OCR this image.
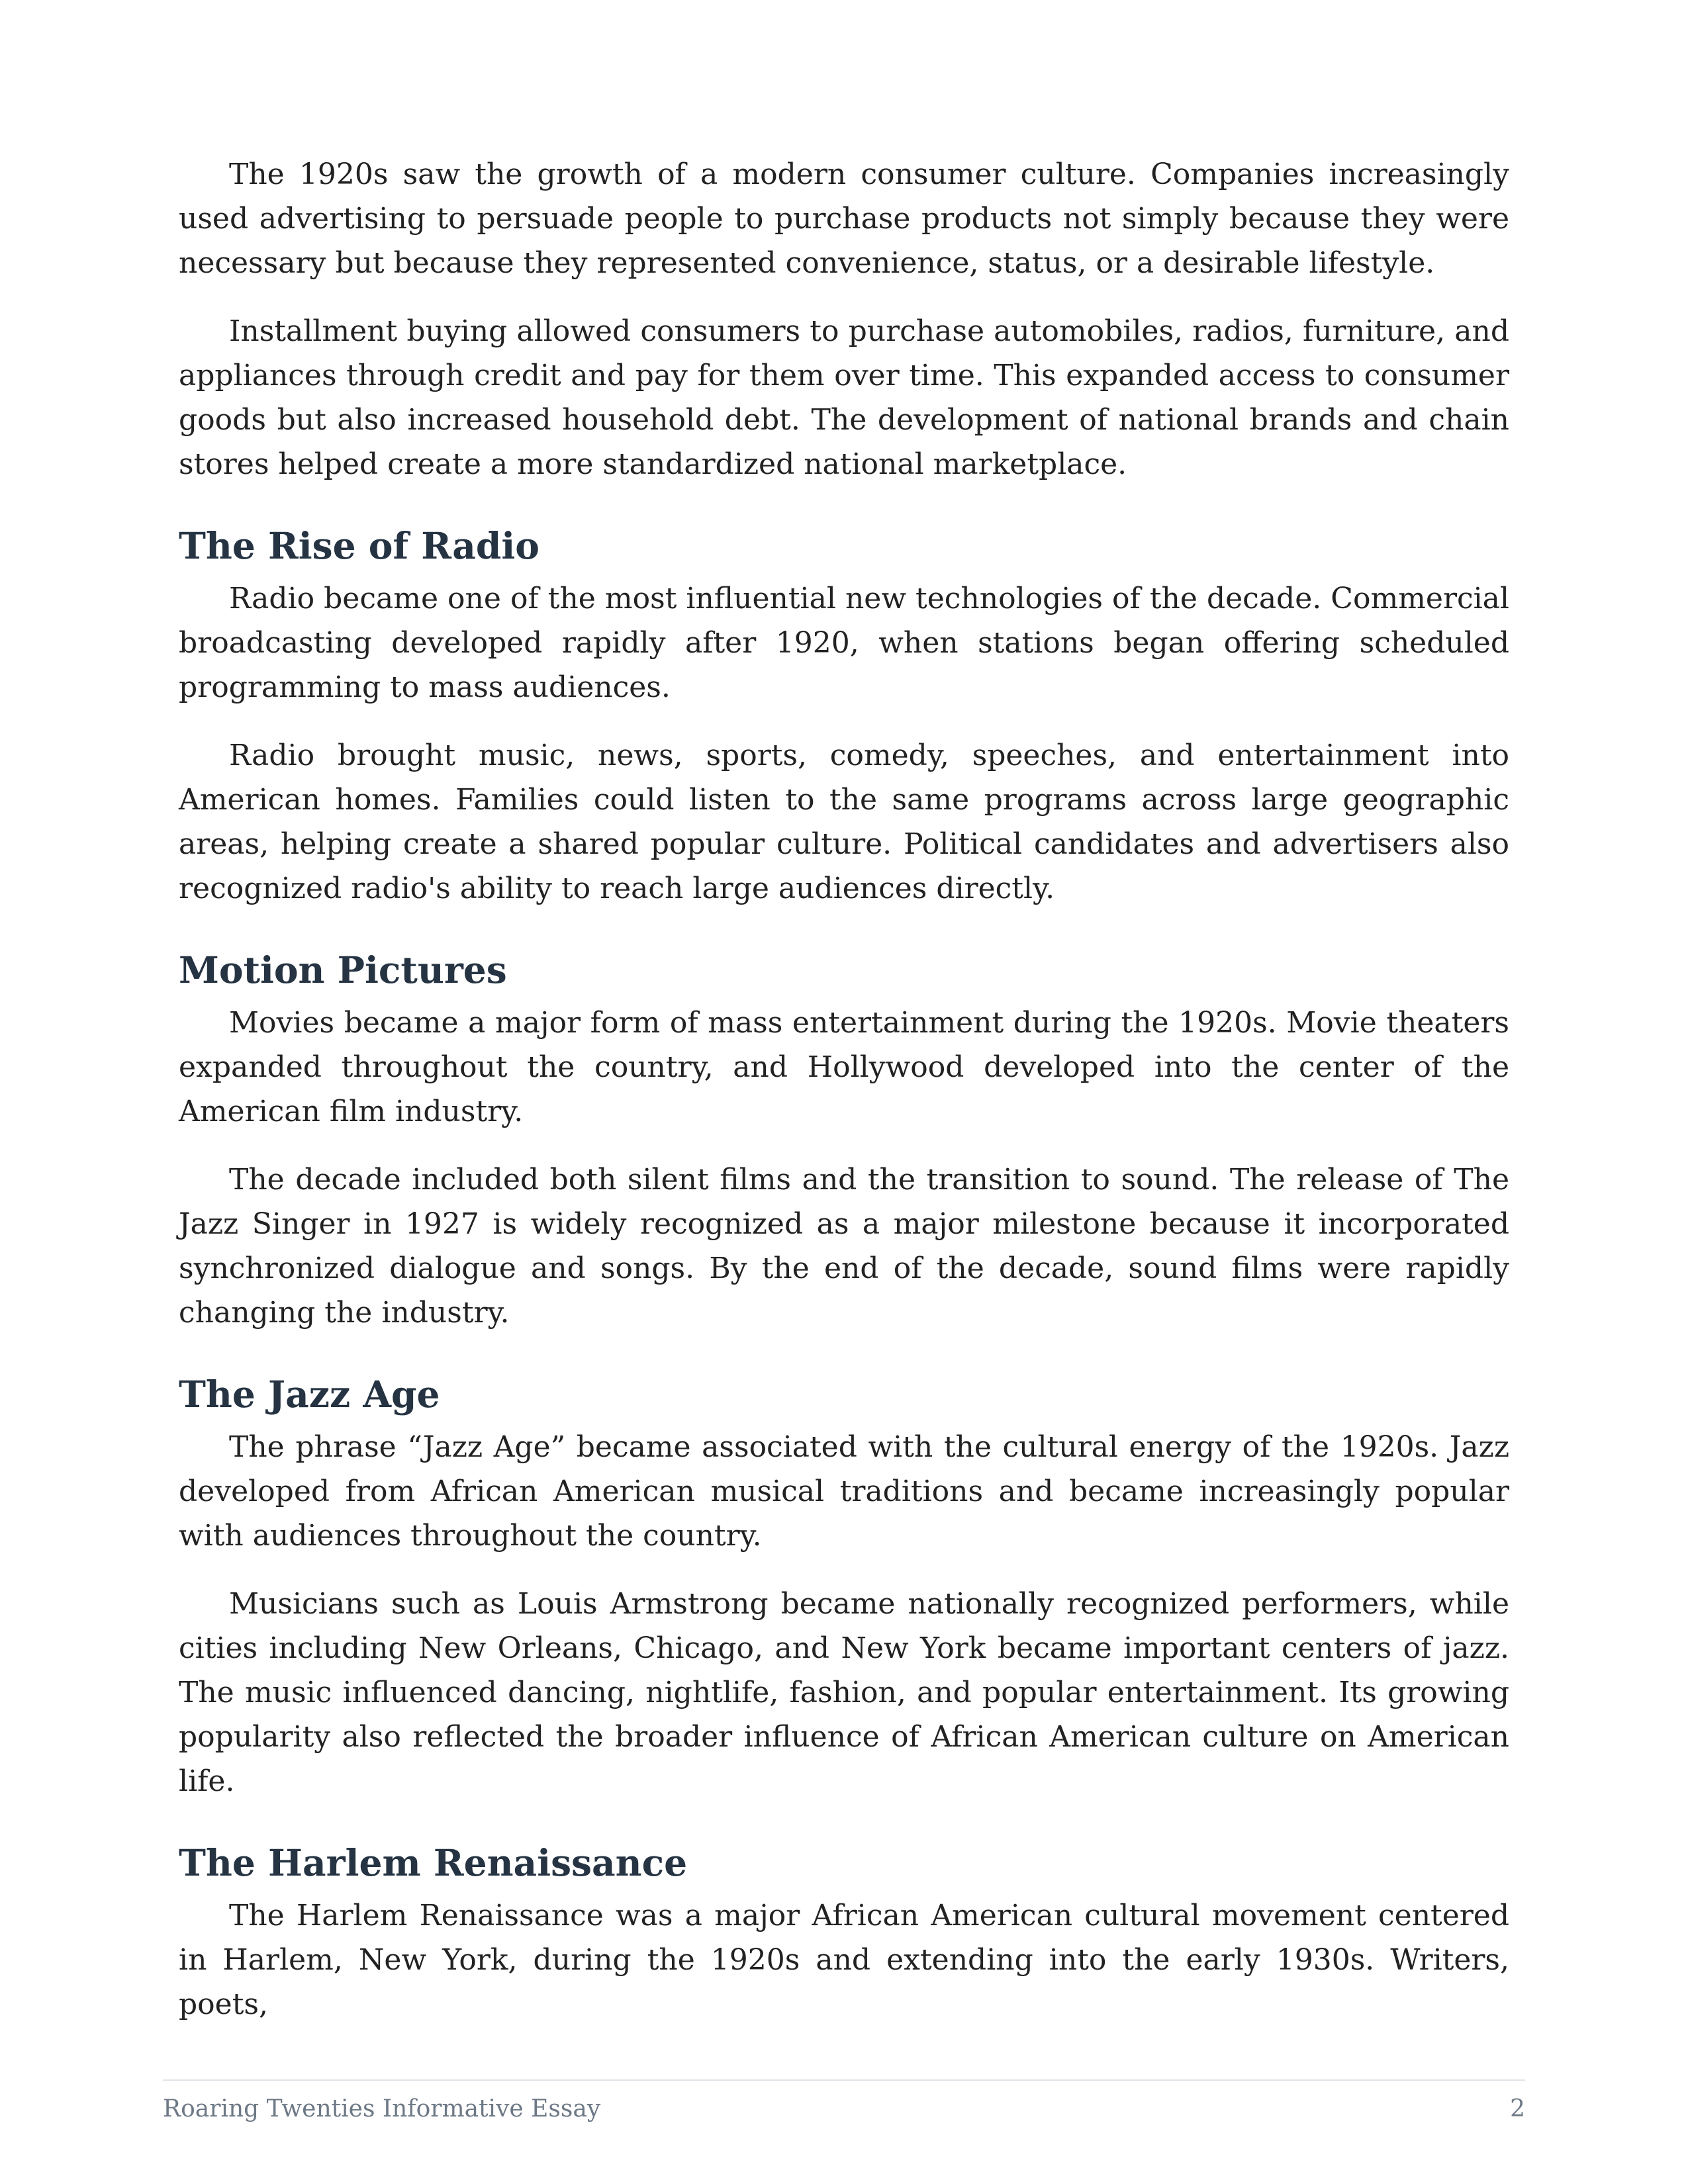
The 1920s saw the growth of a modern consumer culture. Companies increasingly used advertising to persuade people to purchase products not simply because they were necessary but because they represented convenience, status, or a desirable lifestyle.

Installment buying allowed consumers to purchase automobiles, radios, furniture, and appliances through credit and pay for them over time. This expanded access to consumer goods but also increased household debt. The development of national brands and chain stores helped create a more standardized national marketplace.

The Rise of Radio

Radio became one of the most influential new technologies of the decade. Commercial broadcasting developed rapidly after 1920, when stations began offering scheduled programming to mass audiences.

Radio brought music, news, sports, comedy, speeches, and entertainment into American homes. Families could listen to the same programs across large geographic areas, helping create a shared popular culture. Political candidates and advertisers also recognized radio's ability to reach large audiences directly.

Motion Pictures

Movies became a major form of mass entertainment during the 1920s. Movie theaters expanded throughout the country, and Hollywood developed into the center of the American film industry.

The decade included both silent films and the transition to sound. The release of The Jazz Singer in 1927 is widely recognized as a major milestone because it incorporated synchronized dialogue and songs. By the end of the decade, sound films were rapidly changing the industry.

The Jazz Age

The phrase “Jazz Age” became associated with the cultural energy of the 1920s. Jazz developed from African American musical traditions and became increasingly popular with audiences throughout the country.

Musicians such as Louis Armstrong became nationally recognized performers, while cities including New Orleans, Chicago, and New York became important centers of jazz. The music influenced dancing, nightlife, fashion, and popular entertainment. Its growing popularity also reflected the broader influence of African American culture on American life.

The Harlem Renaissance

The Harlem Renaissance was a major African American cultural movement centered in Harlem, New York, during the 1920s and extending into the early 1930s. Writers, poets,

Roaring Twenties Informative Essay	2
